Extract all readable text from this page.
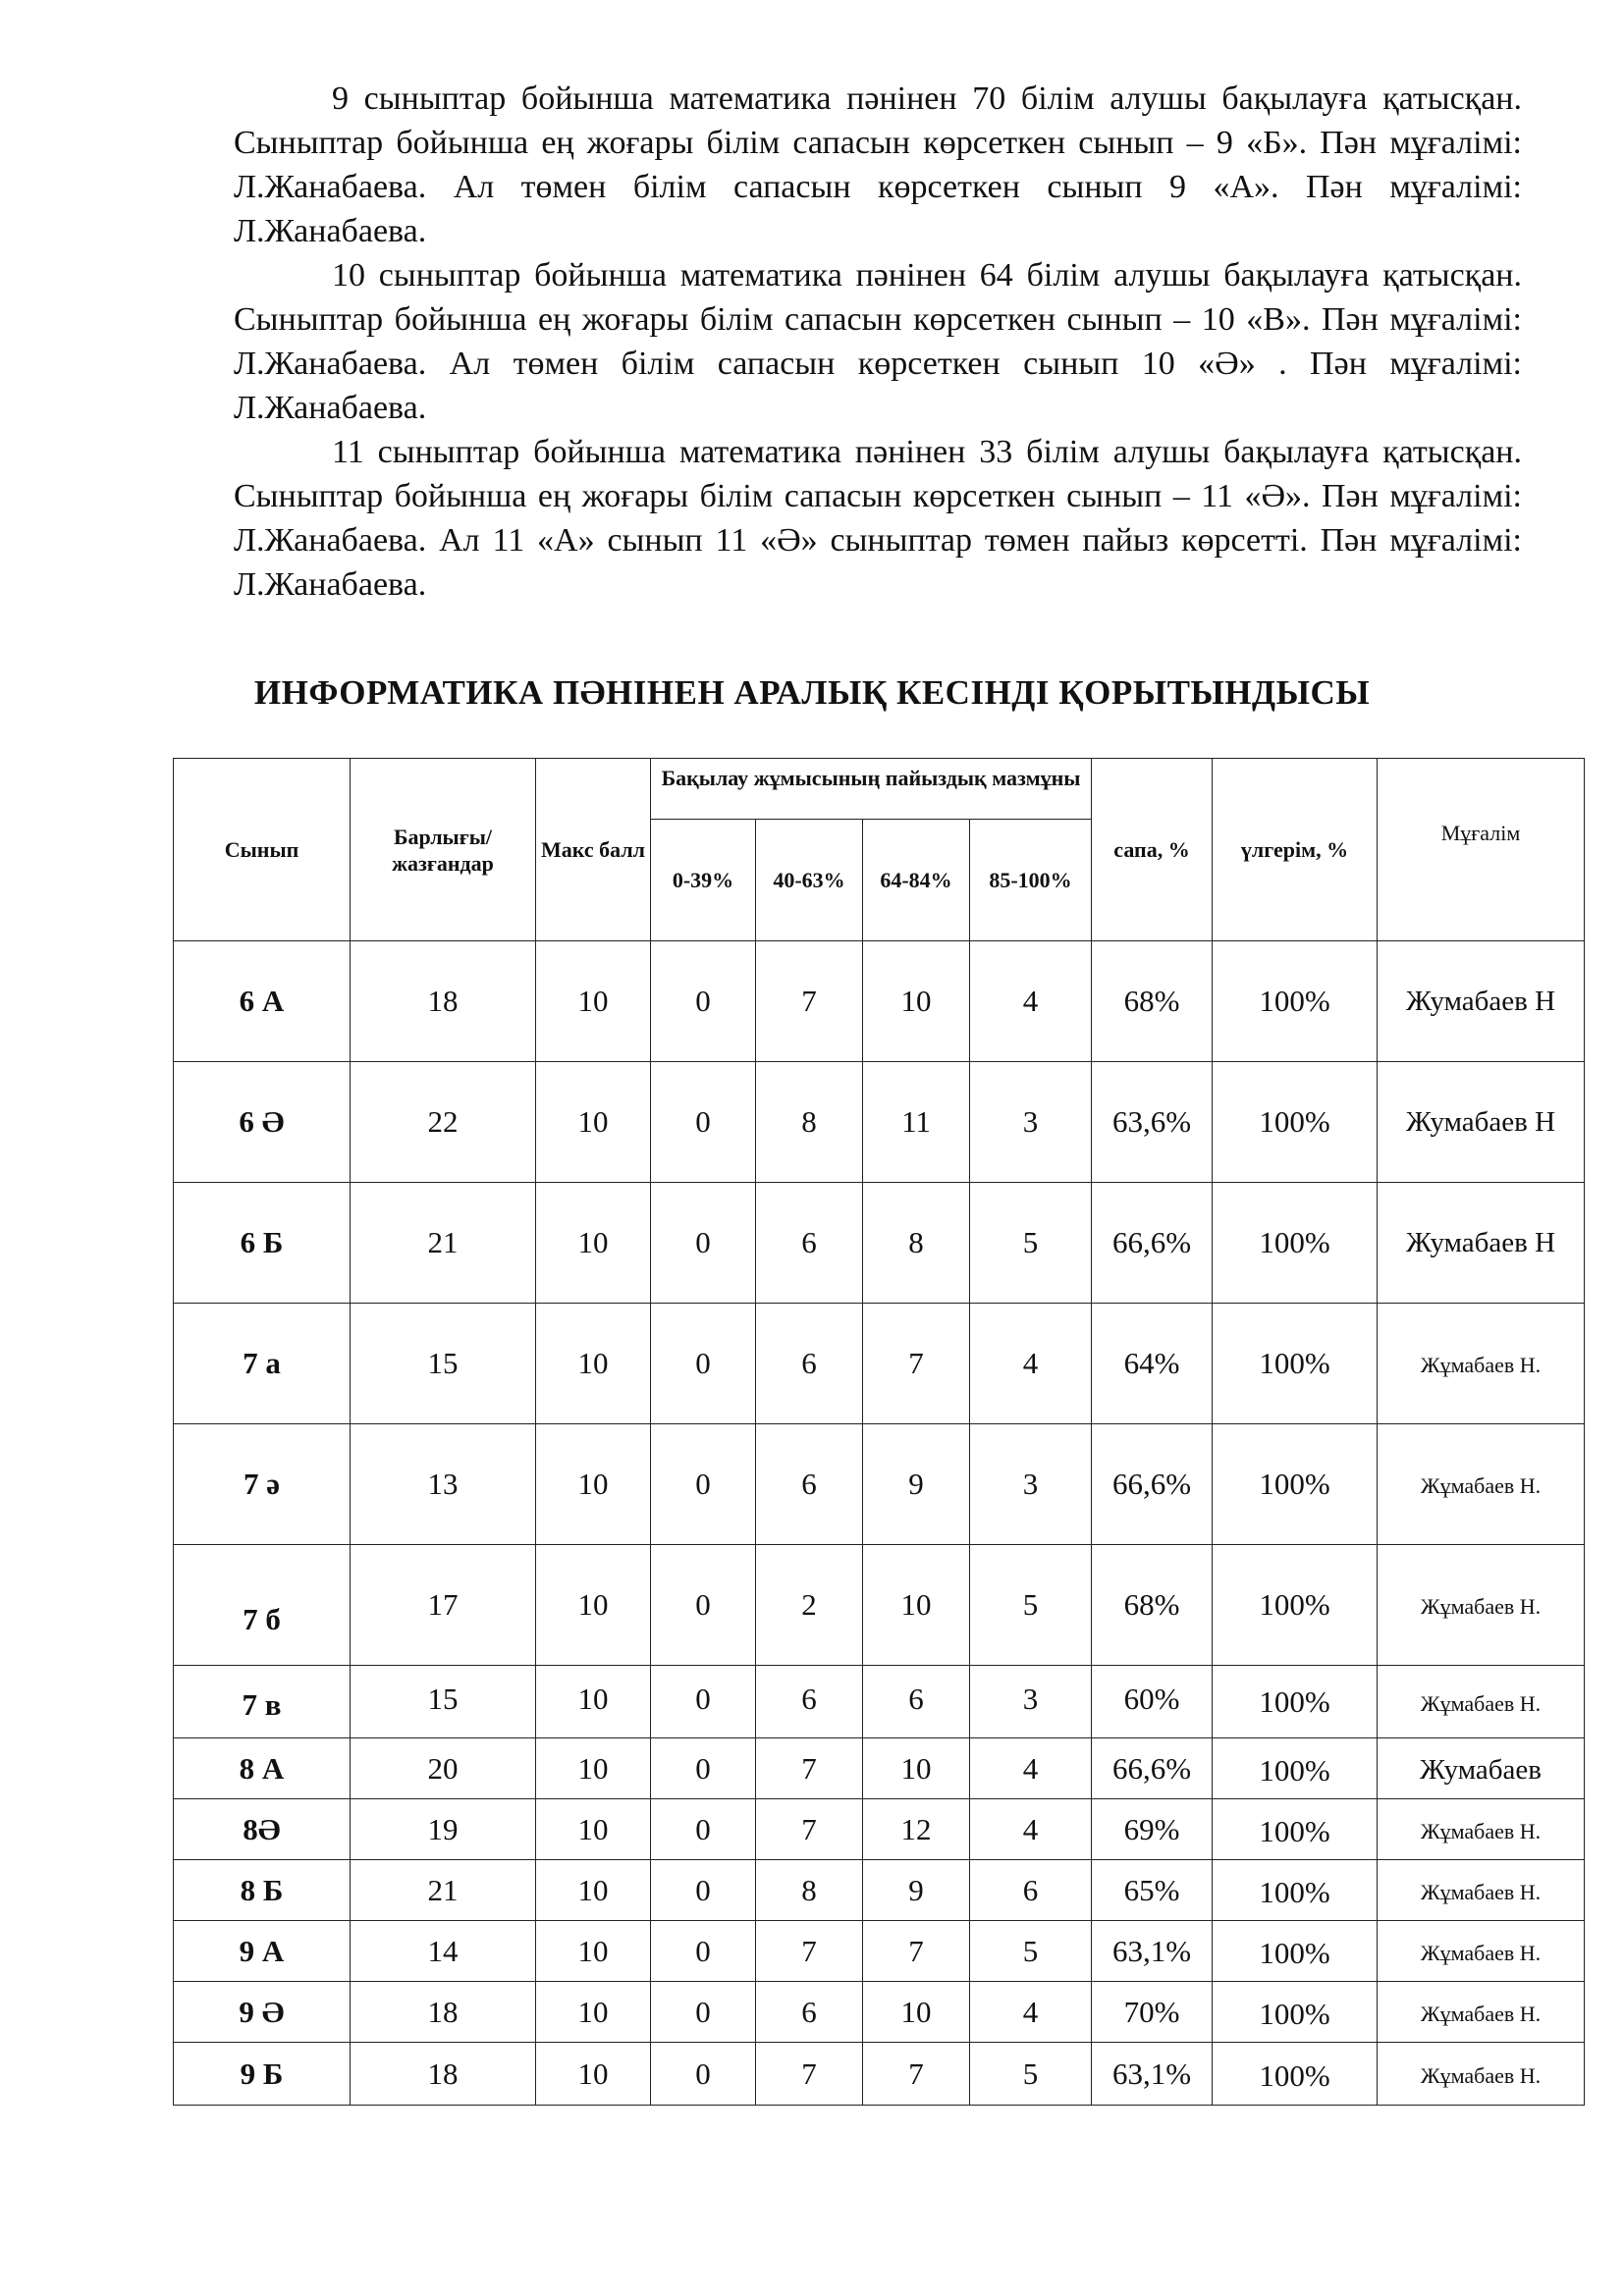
9 сыныптар бойынша математика пәнінен 70 білім алушы бақылауға қатысқан. Сыныптар бойынша ең жоғары білім сапасын көрсеткен сынып – 9 «Б». Пән мұғалімі: Л.Жанабаева. Ал төмен білім сапасын көрсеткен сынып 9 «А». Пән мұғалімі: Л.Жанабаева.

10 сыныптар бойынша математика пәнінен 64 білім алушы бақылауға қатысқан. Сыныптар бойынша ең жоғары білім сапасын көрсеткен сынып – 10 «В». Пән мұғалімі: Л.Жанабаева. Ал төмен білім сапасын көрсеткен сынып 10 «Ә» . Пән мұғалімі: Л.Жанабаева.

11 сыныптар бойынша математика пәнінен 33 білім алушы бақылауға қатысқан. Сыныптар бойынша ең жоғары білім сапасын көрсеткен сынып – 11 «Ә». Пән мұғалімі: Л.Жанабаева. Ал 11 «А» сынып 11 «Ә» сыныптар төмен пайыз көрсетті. Пән мұғалімі: Л.Жанабаева.

ИНФОРМАТИКА ПӘНІНЕН АРАЛЫҚ КЕСІНДІ ҚОРЫТЫНДЫСЫ
Сынып	Барлығы/ жазғандар	Макс балл	Бақылау жұмысының пайыздық мазмұны				сапа, %	үлгерім, %	Мұғалім
			0-39%	40-63%	64-84%	85-100%			
6 А	18	10	0	7	10	4	68%	100%	Жумабаев Н
6 Ә	22	10	0	8	11	3	63,6%	100%	Жумабаев Н
6 Б	21	10	0	6	8	5	66,6%	100%	Жумабаев Н
7 а	15	10	0	6	7	4	64%	100%	Жұмабаев Н.
7 ә	13	10	0	6	9	3	66,6%	100%	Жұмабаев Н.
7 б	17	10	0	2	10	5	68%	100%	Жұмабаев Н.
7 в	15	10	0	6	6	3	60%	100%	Жұмабаев Н.
8 А	20	10	0	7	10	4	66,6%	100%	Жумабаев
8Ә	19	10	0	7	12	4	69%	100%	Жұмабаев Н.
8 Б	21	10	0	8	9	6	65%	100%	Жұмабаев Н.
9 А	14	10	0	7	7	5	63,1%	100%	Жұмабаев Н.
9 Ә	18	10	0	6	10	4	70%	100%	Жұмабаев Н.
9 Б	18	10	0	7	7	5	63,1%	100%	Жұмабаев Н.
